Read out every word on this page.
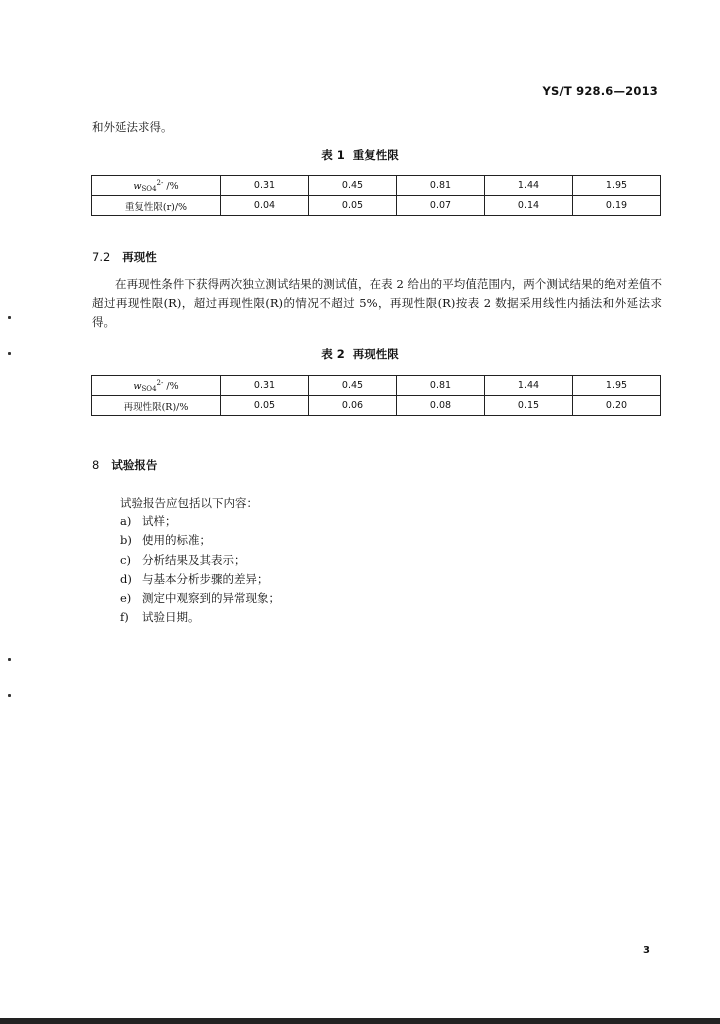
YS/T 928.6—2013

和外延法求得。

表 1 重复性限
$w_{SO4}^{2-}$ /%	0.31	0.45	0.81	1.44	1.95
重复性限(r)/%	0.04	0.05	0.07	0.14	0.19
7.2 再现性

在再现性条件下获得两次独立测试结果的测试值，在表 2 给出的平均值范围内，两个测试结果的绝对差值不超过再现性限(R)，超过再现性限(R)的情况不超过 5%，再现性限(R)按表 2 数据采用线性内插法和外延法求得。

表 2 再现性限
$w_{SO4}^{2-}$ /%	0.31	0.45	0.81	1.44	1.95
再现性限(R)/%	0.05	0.06	0.08	0.15	0.20
8 试验报告

试验报告应包括以下内容：

a) 试样；
b) 使用的标准；
c) 分析结果及其表示；
d) 与基本分析步骤的差异；
e) 测定中观察到的异常现象；
f) 试验日期。
3
